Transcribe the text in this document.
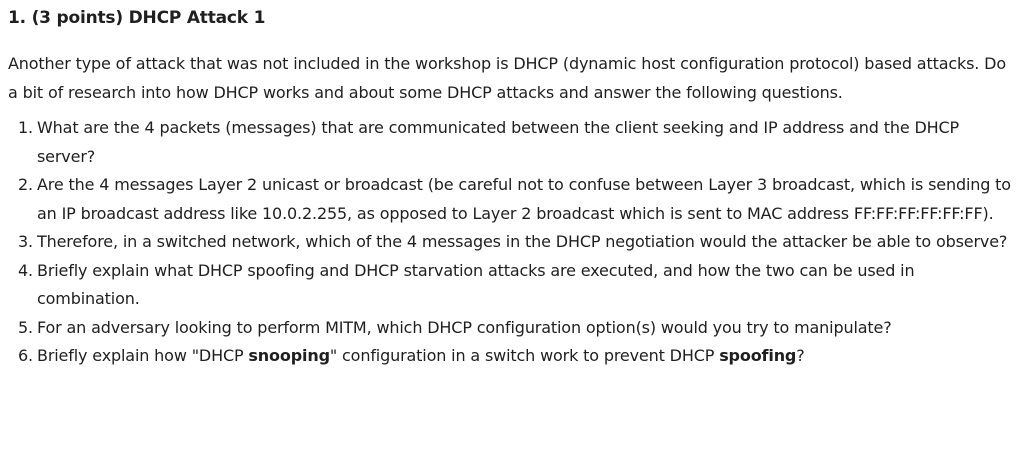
1. (3 points) DHCP Attack 1
Another type of attack that was not included in the workshop is DHCP (dynamic host configuration protocol) based attacks. Do a bit of research into how DHCP works and about some DHCP attacks and answer the following questions.
1. What are the 4 packets (messages) that are communicated between the client seeking and IP address and the DHCP server?
2. Are the 4 messages Layer 2 unicast or broadcast (be careful not to confuse between Layer 3 broadcast, which is sending to an IP broadcast address like 10.0.2.255, as opposed to Layer 2 broadcast which is sent to MAC address FF:FF:FF:FF:FF:FF).
3. Therefore, in a switched network, which of the 4 messages in the DHCP negotiation would the attacker be able to observe?
4. Briefly explain what DHCP spoofing and DHCP starvation attacks are executed, and how the two can be used in combination.
5. For an adversary looking to perform MITM, which DHCP configuration option(s) would you try to manipulate?
6. Briefly explain how "DHCP snooping" configuration in a switch work to prevent DHCP spoofing?
